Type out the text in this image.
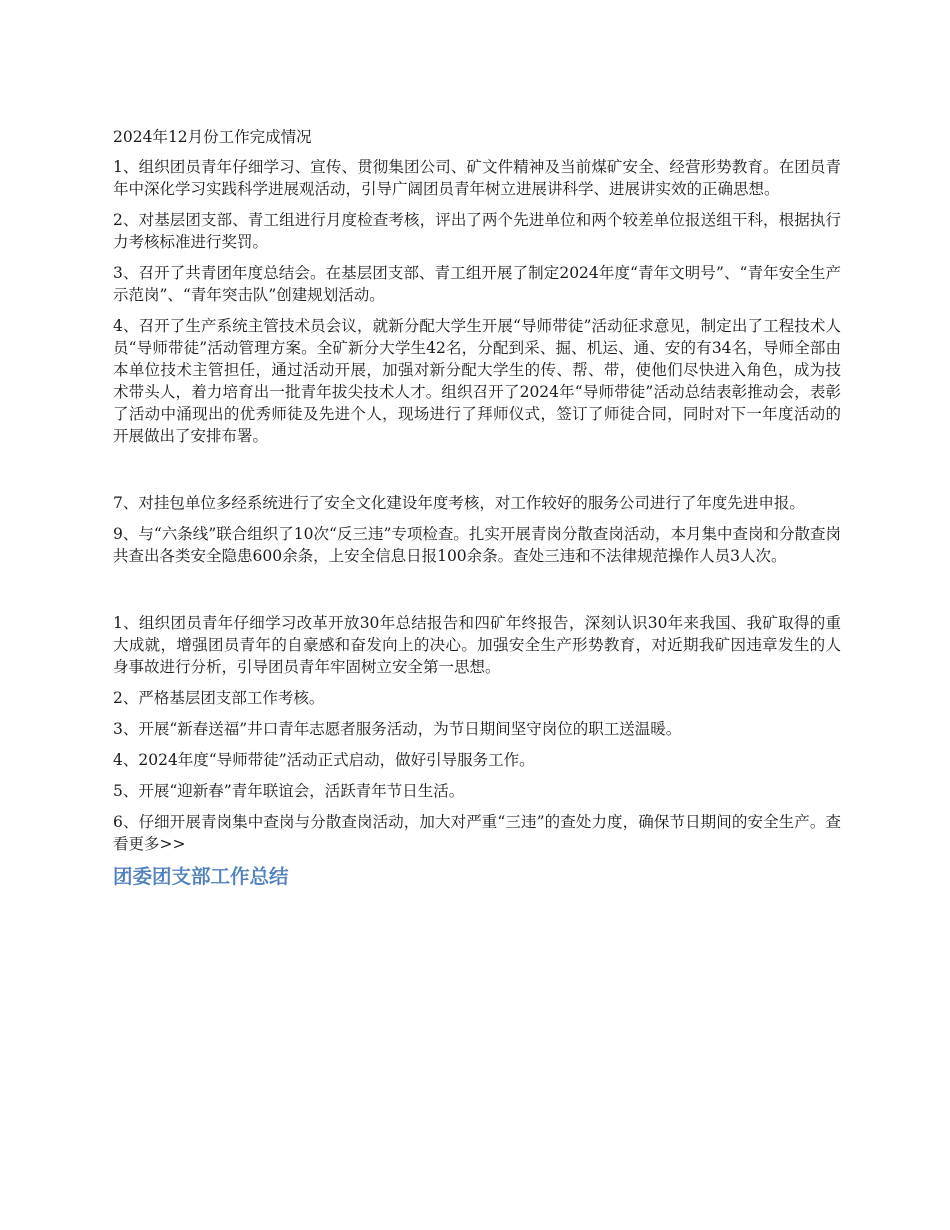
2024年12月份工作完成情况

1、组织团员青年仔细学习、宣传、贯彻集团公司、矿文件精神及当前煤矿安全、经营形势教育。在团员青年中深化学习实践科学进展观活动，引导广阔团员青年树立进展讲科学、进展讲实效的正确思想。

2、对基层团支部、青工组进行月度检查考核，评出了两个先进单位和两个较差单位报送组干科，根据执行力考核标准进行奖罚。

3、召开了共青团年度总结会。在基层团支部、青工组开展了制定2024年度“青年文明号”、“青年安全生产示范岗”、“青年突击队”创建规划活动。

4、召开了生产系统主管技术员会议，就新分配大学生开展“导师带徒”活动征求意见，制定出了工程技术人员“导师带徒”活动管理方案。全矿新分大学生42名，分配到采、掘、机运、通、安的有34名，导师全部由本单位技术主管担任，通过活动开展，加强对新分配大学生的传、帮、带，使他们尽快进入角色，成为技术带头人，着力培育出一批青年拔尖技术人才。组织召开了2024年“导师带徒”活动总结表彰推动会，表彰了活动中涌现出的优秀师徒及先进个人，现场进行了拜师仪式，签订了师徒合同，同时对下一年度活动的开展做出了安排布署。

7、对挂包单位多经系统进行了安全文化建设年度考核，对工作较好的服务公司进行了年度先进申报。

9、与“六条线”联合组织了10次“反三违”专项检查。扎实开展青岗分散查岗活动，本月集中查岗和分散查岗共查出各类安全隐患600余条，上安全信息日报100余条。查处三违和不法律规范操作人员3人次。

1、组织团员青年仔细学习改革开放30年总结报告和四矿年终报告，深刻认识30年来我国、我矿取得的重大成就，增强团员青年的自豪感和奋发向上的决心。加强安全生产形势教育，对近期我矿因违章发生的人身事故进行分析，引导团员青年牢固树立安全第一思想。

2、严格基层团支部工作考核。

3、开展“新春送福”井口青年志愿者服务活动，为节日期间坚守岗位的职工送温暖。

4、2024年度“导师带徒”活动正式启动，做好引导服务工作。

5、开展“迎新春”青年联谊会，活跃青年节日生活。

6、仔细开展青岗集中查岗与分散查岗活动，加大对严重“三违”的查处力度，确保节日期间的安全生产。查看更多>>

团委团支部工作总结
